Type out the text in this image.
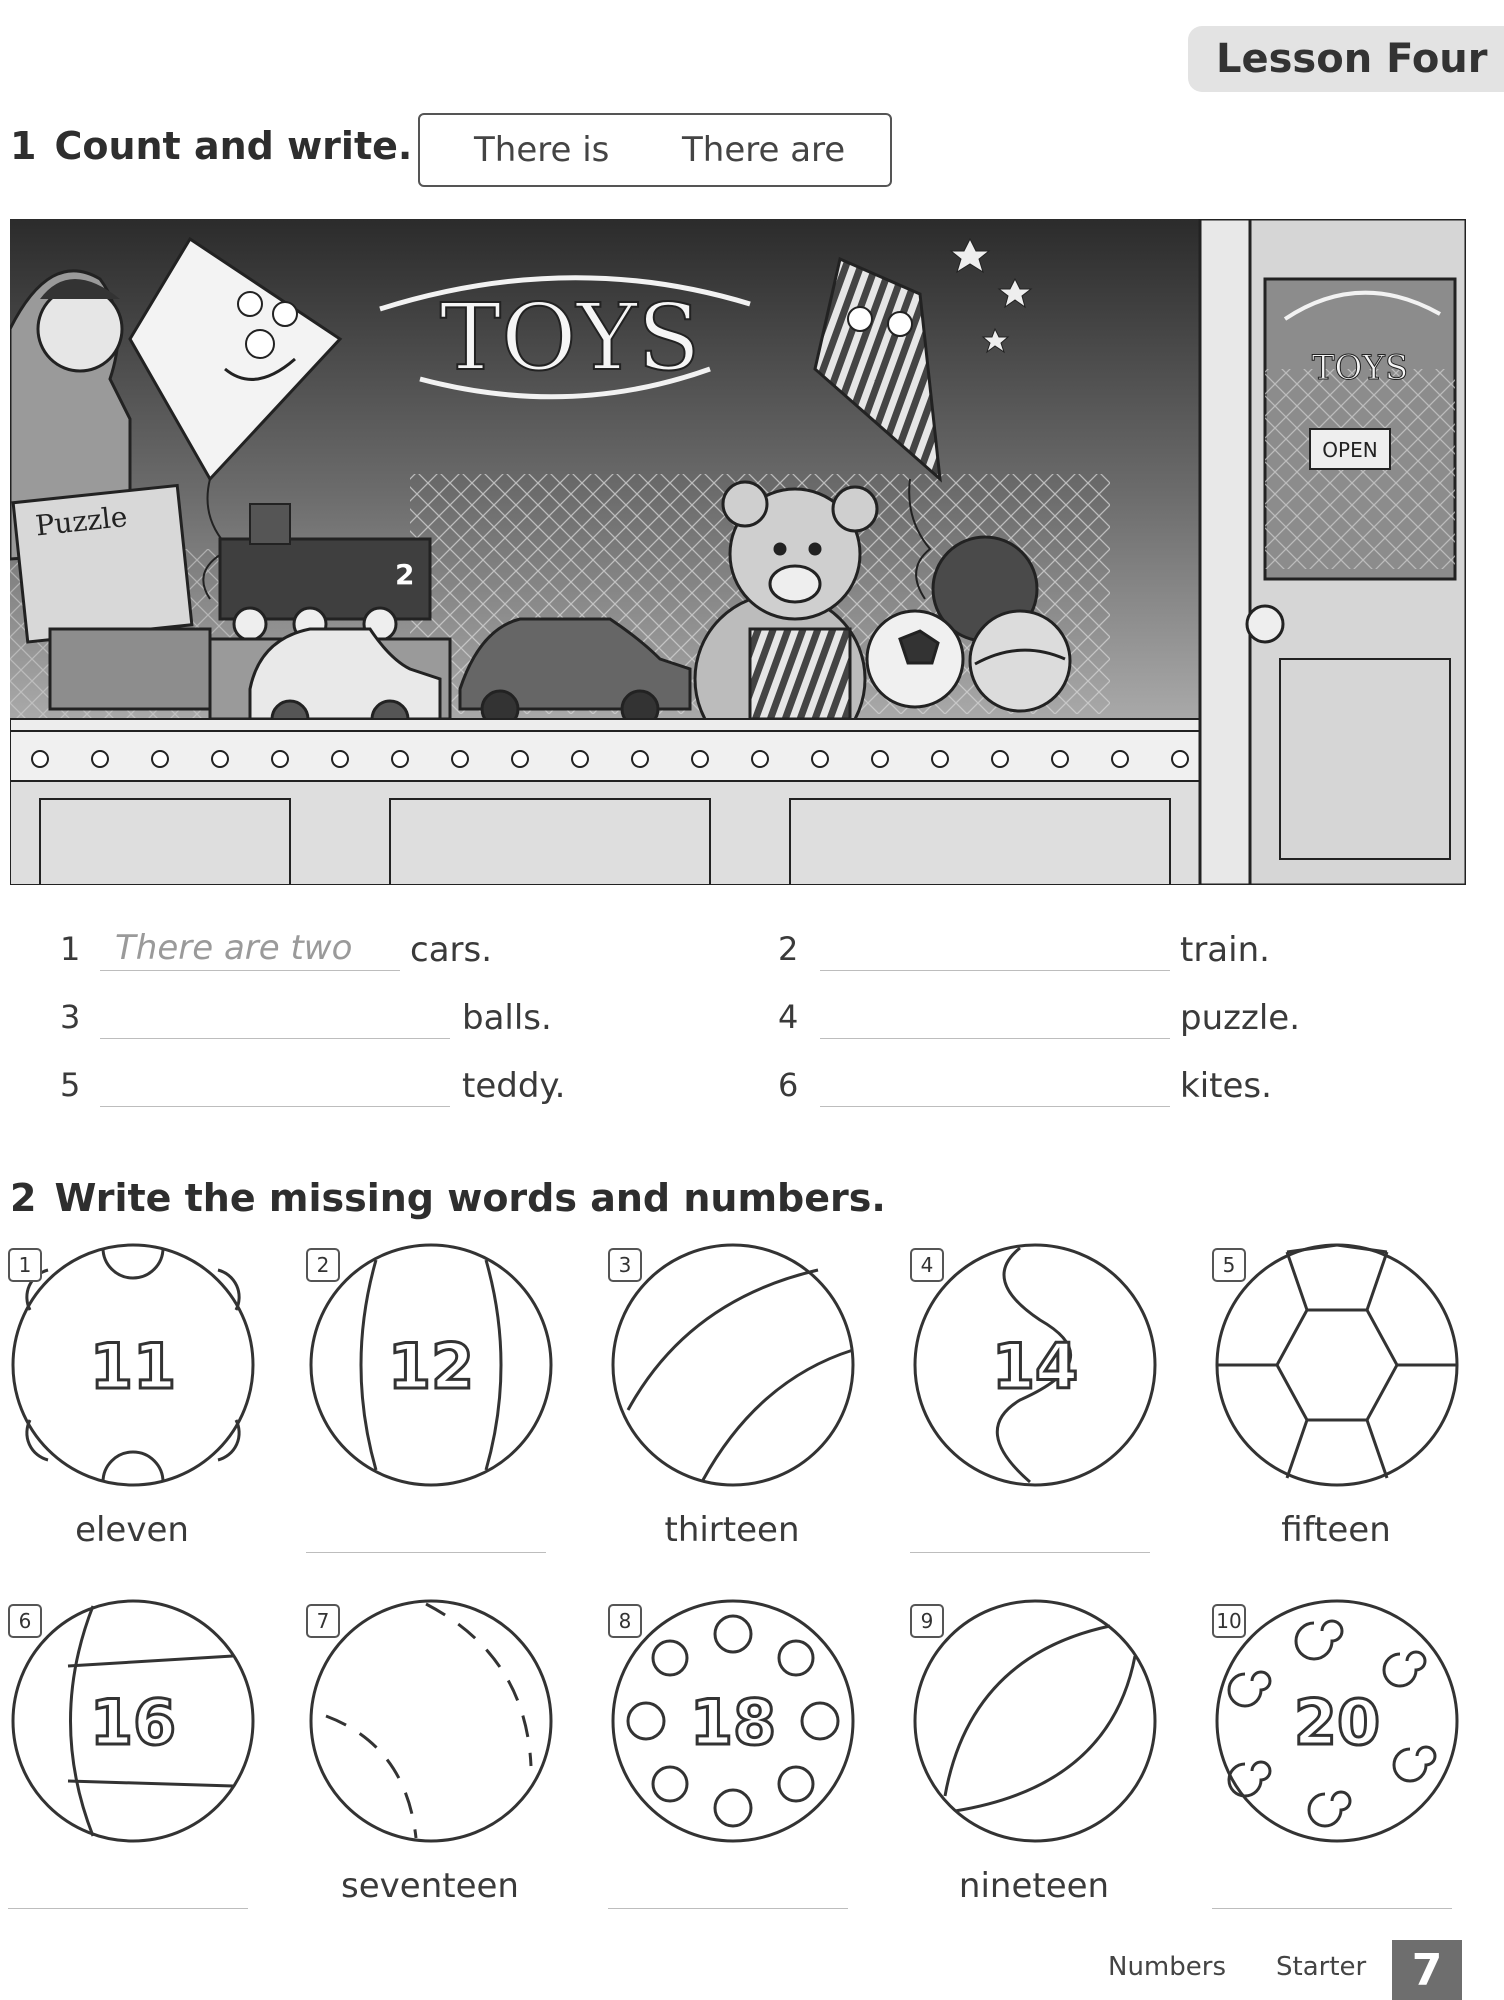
Lesson Four
1 Count and write. There is There are
TOYS
Puzzle
2
TOYS
OPEN
1 There are two cars.	2	train.
3	balls.	4	puzzle.
5	teddy.	6	kites.
2 Write the missing words and numbers.
11
1
eleven
12
2	3
thirteen
14
4	5
fifteen
16
6	7
seventeen
18
8	9
nineteen
20
10
Numbers Starter	7
